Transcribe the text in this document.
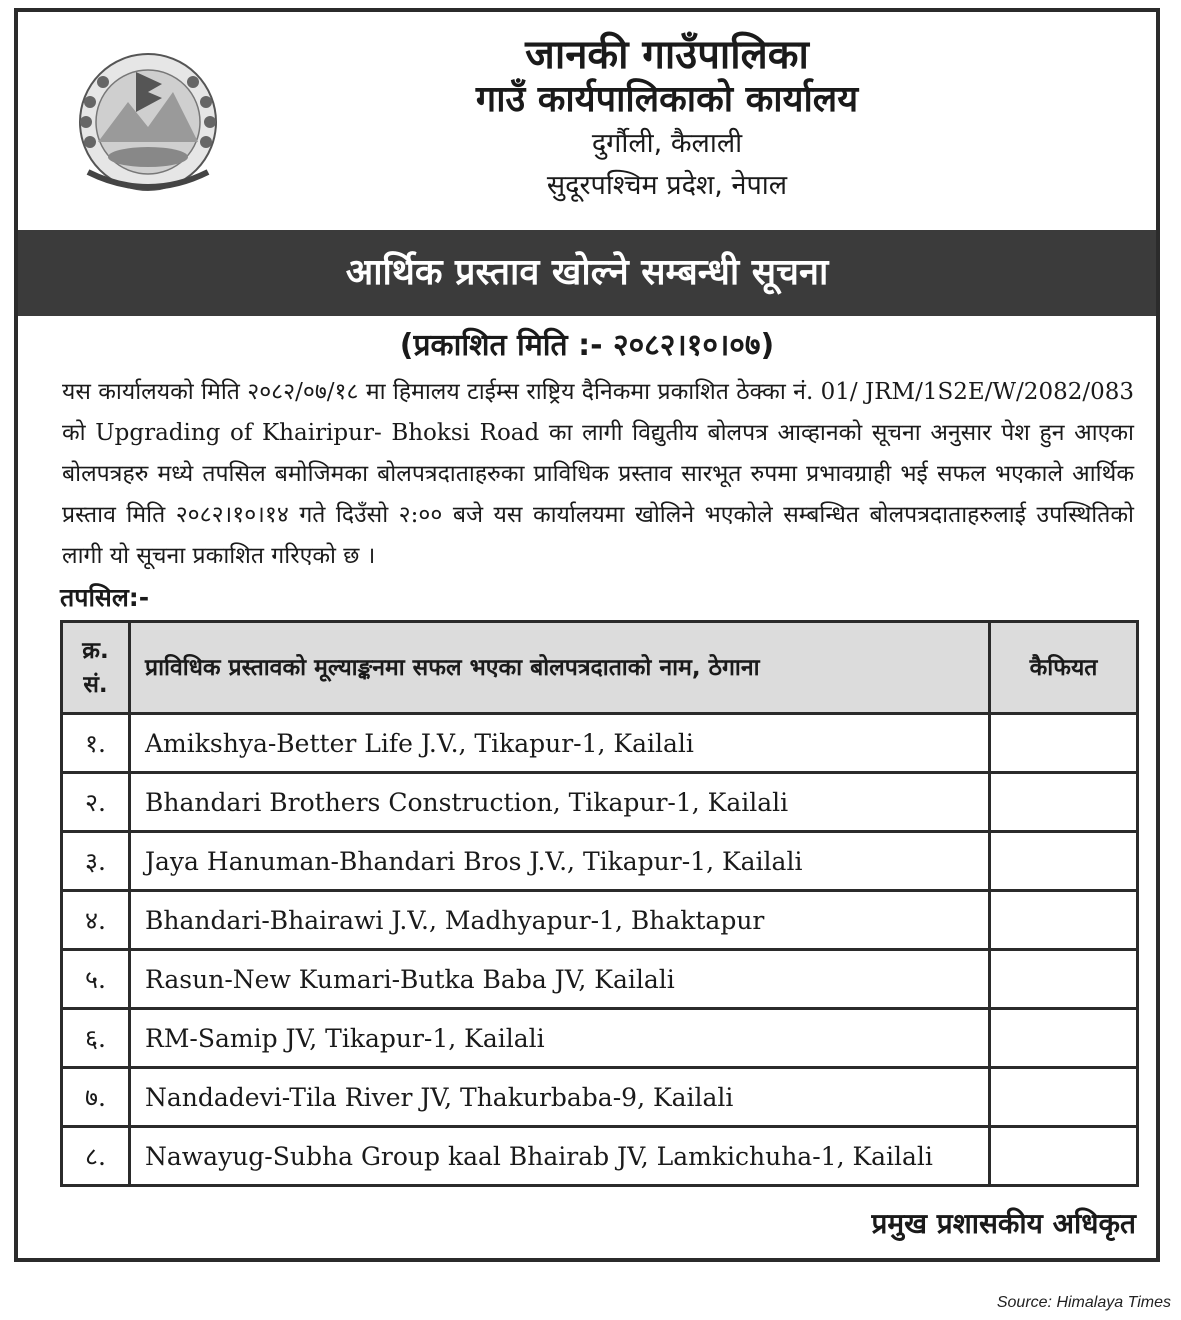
जानकी गाउँपालिका
गाउँ कार्यपालिकाको कार्यालय
दुर्गौली, कैलाली
सुदूरपश्चिम प्रदेश, नेपाल
आर्थिक प्रस्ताव खोल्ने सम्बन्धी सूचना
(प्रकाशित मिति :- २०८२।१०।०७)
यस कार्यालयको मिति २०८२/०७/१८ मा हिमालय टाईम्स राष्ट्रिय दैनिकमा प्रकाशित ठेक्का नं. 01/ JRM/1S2E/W/2082/083 को Upgrading of Khairipur- Bhoksi Road का लागी विद्युतीय बोलपत्र आव्हानको सूचना अनुसार पेश हुन आएका बोलपत्रहरु मध्ये तपसिल बमोजिमका बोलपत्रदाताहरुका प्राविधिक प्रस्ताव सारभूत रुपमा प्रभावग्राही भई सफल भएकाले आर्थिक प्रस्ताव मिति २०८२।१०।१४ गते दिउँसो २:०० बजे यस कार्यालयमा खोलिने भएकोले सम्बन्धित बोलपत्रदाताहरुलाई उपस्थितिको लागी यो सूचना प्रकाशित गरिएको छ ।
तपसिल:-
क्र.
सं.	प्राविधिक प्रस्तावको मूल्याङ्कनमा सफल भएका बोलपत्रदाताको नाम, ठेगाना	कैफियत
१.	Amikshya-Better Life J.V., Tikapur-1, Kailali	
२.	Bhandari Brothers Construction, Tikapur-1, Kailali	
३.	Jaya Hanuman-Bhandari Bros J.V., Tikapur-1, Kailali	
४.	Bhandari-Bhairawi J.V., Madhyapur-1, Bhaktapur	
५.	Rasun-New Kumari-Butka Baba JV, Kailali	
६.	RM-Samip JV, Tikapur-1, Kailali	
७.	Nandadevi-Tila River JV, Thakurbaba-9, Kailali	
८.	Nawayug-Subha Group kaal Bhairab JV, Lamkichuha-1, Kailali	
प्रमुख प्रशासकीय अधिकृत
Source: Himalaya Times
